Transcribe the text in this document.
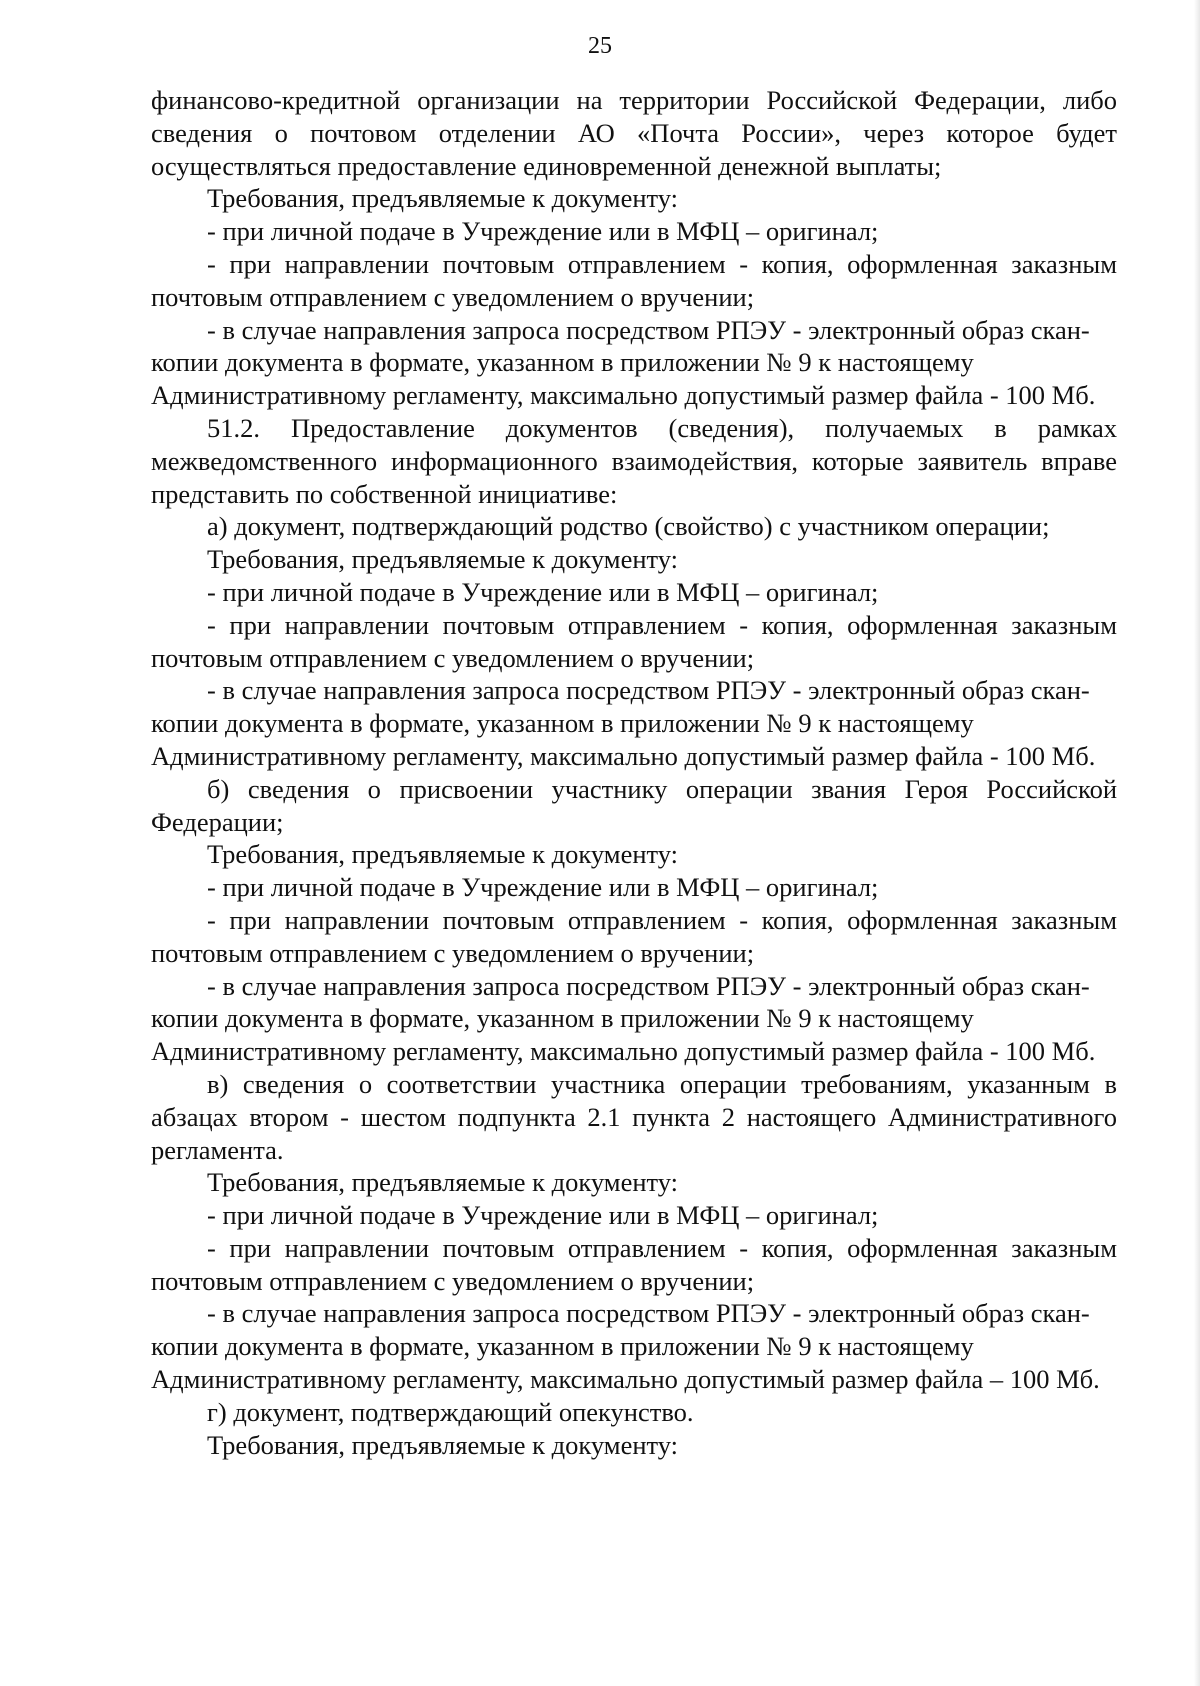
25

финансово-кредитной организации на территории Российской Федерации, либо сведения о почтовом отделении АО «Почта России», через которое будет осуществляться предоставление единовременной денежной выплаты;

Требования, предъявляемые к документу:

- при личной подаче в Учреждение или в МФЦ – оригинал;

- при направлении почтовым отправлением - копия, оформленная заказным почтовым отправлением с уведомлением о вручении;

- в случае направления запроса посредством РПЭУ - электронный образ скан-копии документа в формате, указанном в приложении № 9 к настоящему Административному регламенту, максимально допустимый размер файла - 100 Мб.

51.2. Предоставление документов (сведения), получаемых в рамках межведомственного информационного взаимодействия, которые заявитель вправе представить по собственной инициативе:

а) документ, подтверждающий родство (свойство) с участником операции;

Требования, предъявляемые к документу:

- при личной подаче в Учреждение или в МФЦ – оригинал;

- при направлении почтовым отправлением - копия, оформленная заказным почтовым отправлением с уведомлением о вручении;

- в случае направления запроса посредством РПЭУ - электронный образ скан-копии документа в формате, указанном в приложении № 9 к настоящему Административному регламенту, максимально допустимый размер файла - 100 Мб.

б) сведения о присвоении участнику операции звания Героя Российской Федерации;

Требования, предъявляемые к документу:

- при личной подаче в Учреждение или в МФЦ – оригинал;

- при направлении почтовым отправлением - копия, оформленная заказным почтовым отправлением с уведомлением о вручении;

- в случае направления запроса посредством РПЭУ - электронный образ скан-копии документа в формате, указанном в приложении № 9 к настоящему Административному регламенту, максимально допустимый размер файла - 100 Мб.

в) сведения о соответствии участника операции требованиям, указанным в абзацах втором - шестом подпункта 2.1 пункта 2 настоящего Административного регламента.

Требования, предъявляемые к документу:

- при личной подаче в Учреждение или в МФЦ – оригинал;

- при направлении почтовым отправлением - копия, оформленная заказным почтовым отправлением с уведомлением о вручении;

- в случае направления запроса посредством РПЭУ - электронный образ скан-копии документа в формате, указанном в приложении № 9 к настоящему Административному регламенту, максимально допустимый размер файла – 100 Мб.

г) документ, подтверждающий опекунство.

Требования, предъявляемые к документу:
